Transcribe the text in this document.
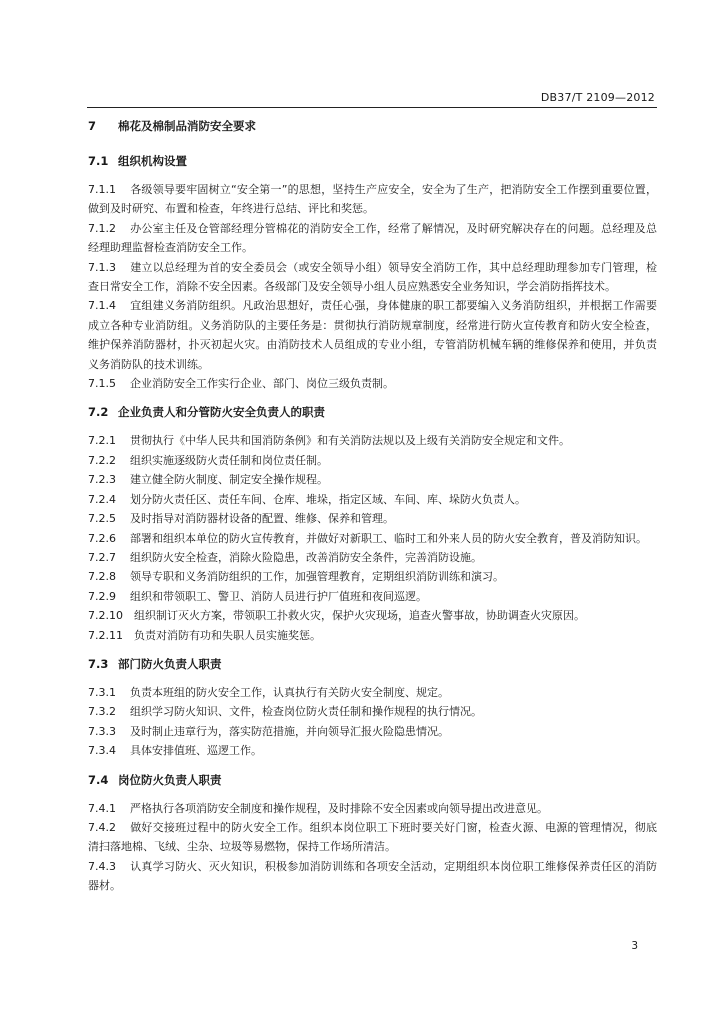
DB37/T 2109—2012
7 棉花及棉制品消防安全要求
7.1 组织机构设置

7.1.1 各级领导要牢固树立“安全第一”的思想，坚持生产应安全，安全为了生产，把消防安全工作摆到重要位置，做到及时研究、布置和检查，年终进行总结、评比和奖惩。

7.1.2 办公室主任及仓管部经理分管棉花的消防安全工作，经常了解情况，及时研究解决存在的问题。总经理及总经理助理监督检查消防安全工作。

7.1.3 建立以总经理为首的安全委员会（或安全领导小组）领导安全消防工作，其中总经理助理参加专门管理，检查日常安全工作，消除不安全因素。各级部门及安全领导小组人员应熟悉安全业务知识，学会消防指挥技术。

7.1.4 宜组建义务消防组织。凡政治思想好，责任心强，身体健康的职工都要编入义务消防组织，并根据工作需要成立各种专业消防组。义务消防队的主要任务是：贯彻执行消防规章制度，经常进行防火宣传教育和防火安全检查，维护保养消防器材，扑灭初起火灾。由消防技术人员组成的专业小组，专管消防机械车辆的维修保养和使用，并负责义务消防队的技术训练。

7.1.5 企业消防安全工作实行企业、部门、岗位三级负责制。

7.2 企业负责人和分管防火安全负责人的职责

7.2.1 贯彻执行《中华人民共和国消防条例》和有关消防法规以及上级有关消防安全规定和文件。

7.2.2 组织实施逐级防火责任制和岗位责任制。

7.2.3 建立健全防火制度、制定安全操作规程。

7.2.4 划分防火责任区、责任车间、仓库、堆垛，指定区域、车间、库、垛防火负责人。

7.2.5 及时指导对消防器材设备的配置、维修、保养和管理。

7.2.6 部署和组织本单位的防火宣传教育，并做好对新职工、临时工和外来人员的防火安全教育，普及消防知识。

7.2.7 组织防火安全检查，消除火险隐患，改善消防安全条件，完善消防设施。

7.2.8 领导专职和义务消防组织的工作，加强管理教育，定期组织消防训练和演习。

7.2.9 组织和带领职工、警卫、消防人员进行护厂值班和夜间巡逻。

7.2.10 组织制订灭火方案，带领职工扑救火灾，保护火灾现场，追查火警事故，协助调查火灾原因。

7.2.11 负责对消防有功和失职人员实施奖惩。

7.3 部门防火负责人职责

7.3.1 负责本班组的防火安全工作，认真执行有关防火安全制度、规定。

7.3.2 组织学习防火知识、文件，检查岗位防火责任制和操作规程的执行情况。

7.3.3 及时制止违章行为，落实防范措施，并向领导汇报火险隐患情况。

7.3.4 具体安排值班、巡逻工作。

7.4 岗位防火负责人职责

7.4.1 严格执行各项消防安全制度和操作规程，及时排除不安全因素或向领导提出改进意见。

7.4.2 做好交接班过程中的防火安全工作。组织本岗位职工下班时要关好门窗，检查火源、电源的管理情况，彻底清扫落地棉、飞绒、尘杂、垃圾等易燃物，保持工作场所清洁。

7.4.3 认真学习防火、灭火知识，积极参加消防训练和各项安全活动，定期组织本岗位职工维修保养责任区的消防器材。

3
